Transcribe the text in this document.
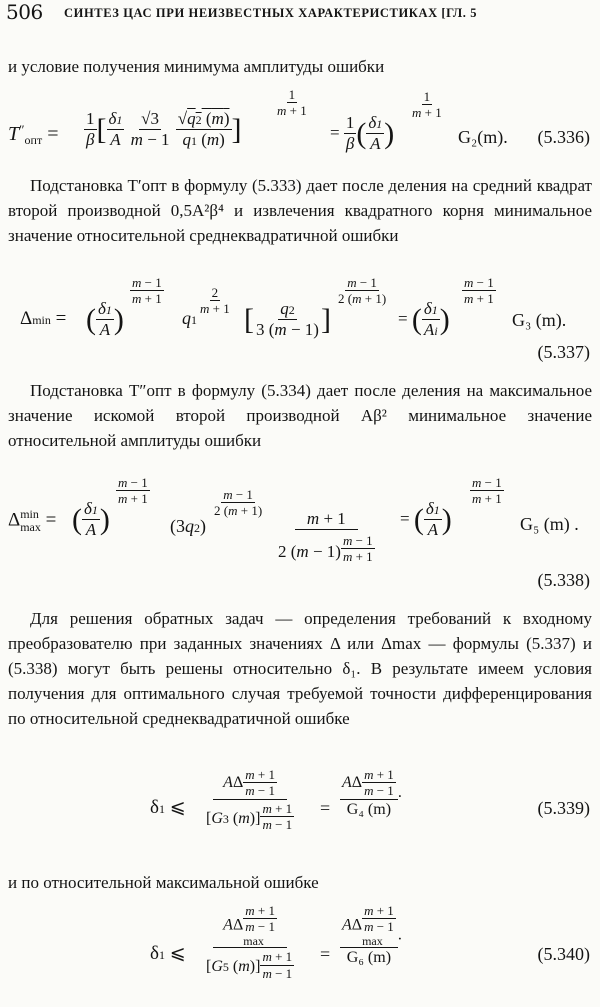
506 СИНТЕЗ ЦАС ПРИ НЕИЗВЕСТНЫХ ХАРАКТЕРИСТИКАХ [ГЛ. 5

и условие получения минимума амплитуды ошибки

$T''_{опт} = \frac{1}{\beta}$ [ $\frac{\delta 1}{A}$
$\frac{√3}{m - 1}$
$\frac{√q2 (m)}{q1 (m)}$ ]
$\frac{1}{m + 1}$
= $\frac{1}{\beta}$ ( $\frac{\delta 1}{A}$ )
$\frac{1}{m + 1}$
G₂(m). (5.336)

Подстановка T′опт в формулу (5.333) дает после деления на средний квадрат второй производной 0,5A²β⁴ и извлечения квадратного корня минимальное значение относительной среднеквадратичной ошибки

Δmin = ( $\frac{\delta 1}{A}$ )
$\frac{m - 1}{m + 1}$
q1
$\frac{2}{m + 1}$
[ $\frac{q2}{3 (m - 1)}$ ]
$\frac{m - 1}{2 (m + 1)}$
= ( $\frac{\delta 1}{Ai}$ )
$\frac{m - 1}{m + 1}$
G₃ (m).
(5.337)

Подстановка T″опт в формулу (5.334) дает после деления на максимальное значение искомой второй производной Aβ² минимальное значение относительной амплитуды ошибки

Δ min
max = ( $\frac{\delta 1}{A}$ )
$\frac{m - 1}{m + 1}$
(3q2)
$\frac{m - 1}{2 (m + 1)}$
$\frac{m + 1}{2 (m - 1) \frac{m - 1}{m + 1}}$ = ( $\frac{\delta 1}{A}$ )
$\frac{m - 1}{m + 1}$
G₅ (m) .
(5.338)

Для решения обратных задач — определения требований к входному преобразователю при заданных значениях Δ или Δmax — формулы (5.337) и (5.338) могут быть решены относительно δ₁. В результате имеем условия получения для оптимального случая требуемой точности дифференцирования по относительной среднеквадратичной ошибке

δ1 ⩽
AΔ $\frac{m + 1}{m - 1}$
[G3 $(m)] \frac{m + 1}{m - 1}$ =
AΔ $\frac{m + 1}{m - 1}$
G₄ (m)
.
(5.339)

и по относительной максимальной ошибке

δ1 ⩽
AΔ
m + 1
m − 1
max
[G5 $(m)] \frac{m + 1}{m - 1}$ =
AΔ
m + 1
m − 1
max
G₆ (m)
.
(5.340)
